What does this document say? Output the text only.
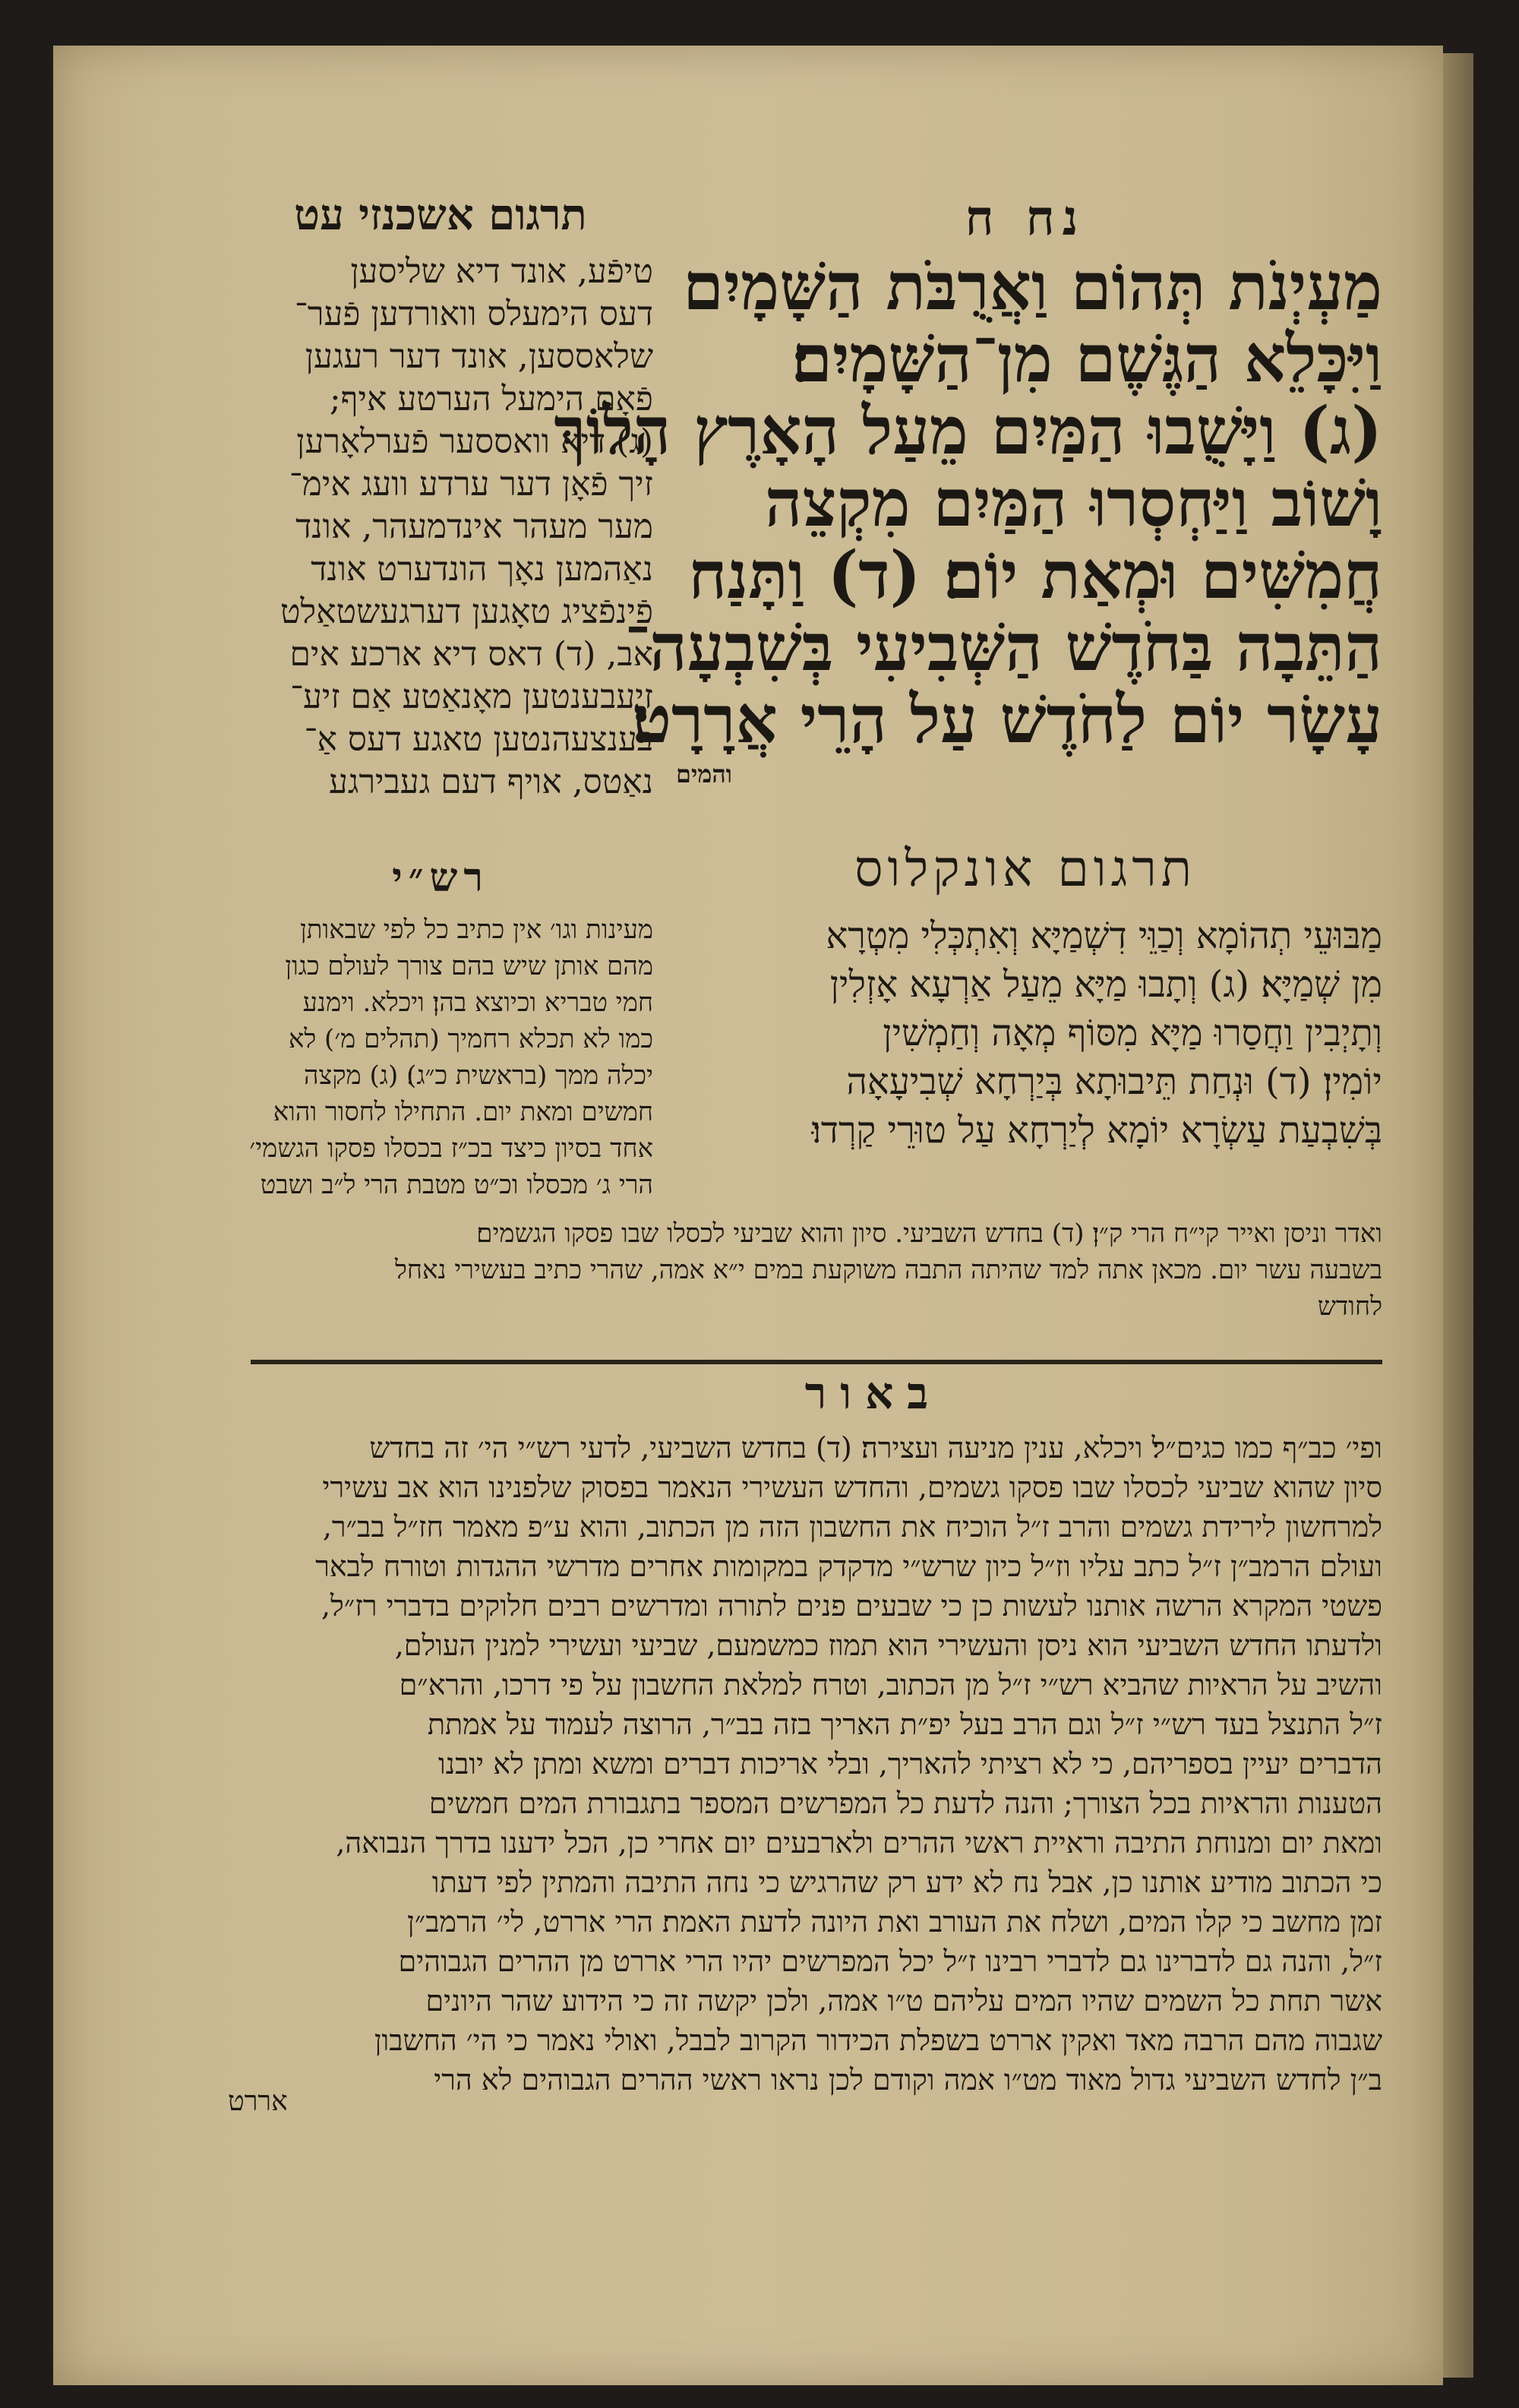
נח ח
תרגום אשכנזי עט
מַעְיְנֹת תְּהוֹם וַאֲרֻבֹּת הַשָּׁמָיִם
וַיִּכָּלֵא הַגֶּשֶׁם מִן־הַשָּׁמָיִם׃
(ג) וַיָּשֻׁבוּ הַמַּיִם מֵעַל הָאָרֶץ הָלוֹךְ
וָשׁוֹב וַיַּחְסְרוּ הַמַּיִם מִקְצֵה
חֲמִשִּׁים וּמְאַת יוֹם׃ (ד) וַתָּנַח
הַתֵּבָה בַּחֹדֶשׁ הַשְּׁבִיעִי בְּשִׁבְעָה־
עָשָׂר יוֹם לַחֹדֶשׁ עַל הָרֵי אֲרָרָט׃
והמים
טיפֿע, אונד דיא שליסען
דעס הימעלס וואורדען פֿער־
שלאססען, אונד דער רעגען
פֿאָם הימעל הערטע איף;
(ג) דיא וואססער פֿערלאָרען
זיך פֿאָן דער ערדע וועג אימ־
מער מעהר אינדמעהר, אונד
נאַהמען נאָך הונדערט אונד
פֿינפֿציג טאָגען דערגעשטאַלט
אב, (ד) דאס דיא ארכע אים
זיעבענטען מאָנאַטע אַם זיע־
בענצעהנטען טאגע דעס אַ־
נאַטס, אויף דעם געבירגע
תרגום אונקלוס
מַבּוּעֵי תְהוֹמָא וְכַוֵּי דִשְׁמַיָּא וְאִתְכְּלִי מִטְרָא
מִן שְׁמַיָּא׃ (ג) וְתָבוּ מַיָּא מֵעַל אַרְעָא אָזְלִין
וְתָיְבִין וַחֲסַרוּ מַיָּא מִסּוֹף מְאָה וְחַמְשִׁין
יוֹמִין׃ (ד) וּנְחַת תֵּיבוּתָא בְּיַרְחָא שְׁבִיעָאָה
בְּשִׁבְעַת עַשְׂרָא יוֹמָא לְיַרְחָא עַל טוּרֵי קַרְדוּ׃
רש״י
מעינות וגו׳ אין כתיב כל לפי שבאותן
מהם אותן שיש בהם צורך לעולם כגון
חמי טבריא וכיוצא בהן׃ ויכלא. וימנע
כמו לא תכלא רחמיך (תהלים מ׳) לא
יכלה ממך (בראשית כ״ג)׃ (ג) מקצה
חמשים ומאת יום. התחילו לחסור והוא
אחד בסיון כיצד בכ״ז בכסלו פסקו הגשמי׳
הרי ג׳ מכסלו וכ״ט מטבת הרי ל״ב ושבט
ואדר וניסן ואייר קי״ח הרי ק״ן׃ (ד) בחדש השביעי. סיון והוא שביעי לכסלו שבו פסקו הגשמים׃
בשבעה עשר יום. מכאן אתה למד שהיתה התבה משוקעת במים י״א אמה, שהרי כתיב בעשירי נאחל
לחודש
באור
ופי׳ כב״ף כמו כגים״ל׃ ויכלא, ענין מניעה ועצירה׃ (ד) בחדש השביעי, לדעי רש״י הי׳ זה בחדש
סיון שהוא שביעי לכסלו שבו פסקו גשמים, והחדש העשירי הנאמר בפסוק שלפנינו הוא אב עשירי
למרחשון לירידת גשמים והרב ז״ל הוכיח את החשבון הזה מן הכתוב, והוא ע״פ מאמר חז״ל בב״ר,
ועולם הרמב״ן ז״ל כתב עליו וז״ל כיון שרש״י מדקדק במקומות אחרים מדרשי ההגדות וטורח לבאר
פשטי המקרא הרשה אותנו לעשות כן כי שבעים פנים לתורה ומדרשים רבים חלוקים בדברי רז״ל,
ולדעתו החדש השביעי הוא ניסן והעשירי הוא תמוז כמשמעם, שביעי ועשירי למנין העולם,
והשיב על הראיות שהביא רש״י ז״ל מן הכתוב, וטרח למלאת החשבון על פי דרכו, והרא״ם
ז״ל התנצל בעד רש״י ז״ל וגם הרב בעל יפ״ת האריך בזה בב״ר, הרוצה לעמוד על אמתת
הדברים יעיין בספריהם, כי לא רציתי להאריך, ובלי אריכות דברים ומשא ומתן לא יובנו
הטענות והראיות בכל הצורך; והנה לדעת כל המפרשים המספר בתגבורת המים חמשים
ומאת יום ומנוחת התיבה וראיית ראשי ההרים ולארבעים יום אחרי כן, הכל ידענו בדרך הנבואה,
כי הכתוב מודיע אותנו כן, אבל נח לא ידע רק שהרגיש כי נחה התיבה והמתין לפי דעתו
זמן מחשב כי קלו המים, ושלח את העורב ואת היונה לדעת האמת׃ הרי אררט, לי׳ הרמב״ן
ז״ל, והנה גם לדברינו גם לדברי רבינו ז״ל יכל המפרשים יהיו הרי אררט מן ההרים הגבוהים
אשר תחת כל השמים שהיו המים עליהם ט״ו אמה, ולכן יקשה זה כי הידוע שהר היונים
שגבוה מהם הרבה מאד ואקין אררט בשפלת הכידור הקרוב לבבל, ואולי נאמר כי הי׳ החשבון
ב״ן לחדש השביעי גדול מאוד מט״ו אמה וקודם לכן נראו ראשי ההרים הגבוהים לא הרי
אררט
